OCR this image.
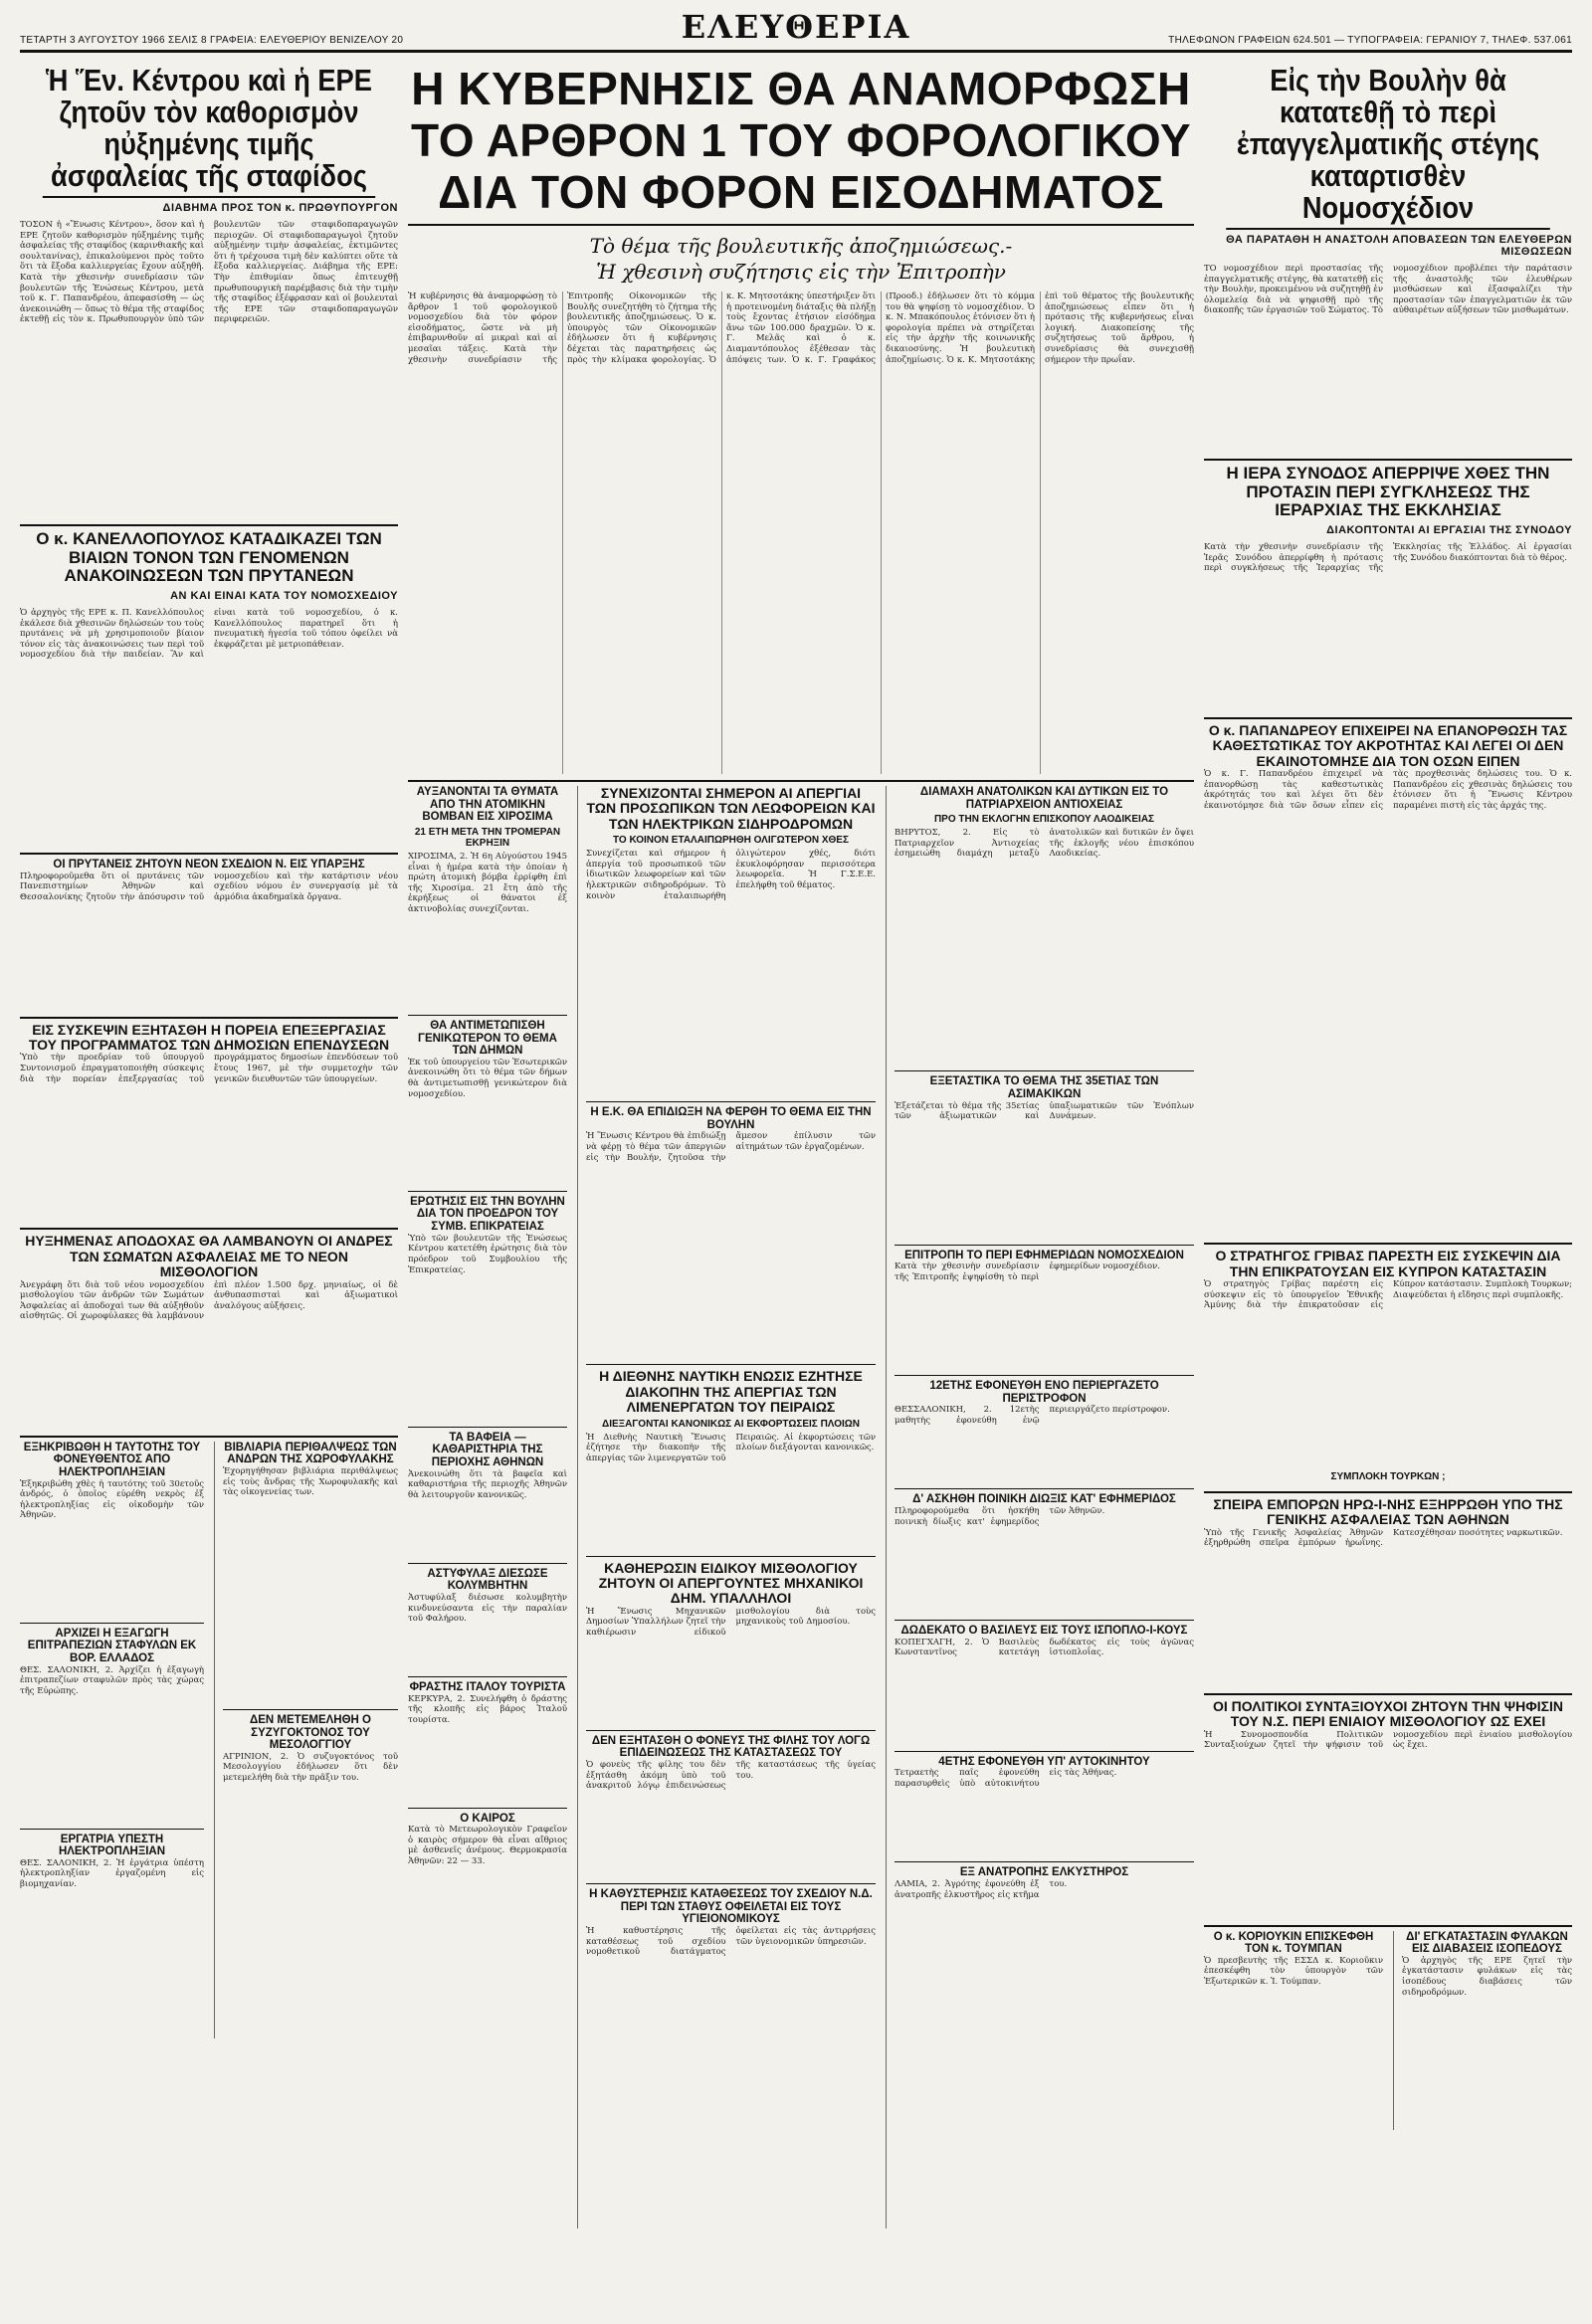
ΤΕΤΑΡΤΗ 3 ΑΥΓΟΥΣΤΟΥ 1966 ΣΕΛΙΣ 8 ΓΡΑΦΕΙΑ: ΕΛΕΥΘΕΡΙΟΥ ΒΕΝΙΖΕΛΟΥ 20	ΕΛΕΥΘΕΡΙΑ	ΤΗΛΕΦΩΝΟΝ ΓΡΑΦΕΙΩΝ 624.501 — ΤΥΠΟΓΡΑΦΕΙΑ: ΓΕΡΑΝΙΟΥ 7, ΤΗΛΕΦ. 537.061
Ἡ Ἕν. Κέντρου καὶ ἡ ΕΡΕ ζητοῦν τὸν καθορισμὸν ηὐξημένης τιμῆς ἀσφαλείας τῆς σταφίδος
ΔΙΑΒΗΜΑ ΠΡΟΣ ΤΟΝ κ. ΠΡΩΘΥΠΟΥΡΓΟΝ
ΤΟΣΟΝ ἡ «Ἕνωσις Κέντρου», ὅσον καὶ ἡ ΕΡΕ ζητοῦν καθορισμὸν ηὐξημένης τιμῆς ἀσφαλείας τῆς σταφίδος (καρινθιακῆς καὶ σουλτανίνας), ἐπικαλούμενοι πρὸς τοῦτο ὅτι τὰ ἔξοδα καλλιεργείας ἔχουν αὐξηθῆ. Κατὰ τὴν χθεσινὴν συνεδρίασιν τῶν βουλευτῶν τῆς Ἑνώσεως Κέντρου, μετὰ τοῦ κ. Γ. Παπανδρέου, ἀπεφασίσθη — ὡς ἀνεκοινώθη — ὅπως τὸ θέμα τῆς σταφίδος ἐκτεθῇ εἰς τὸν κ. Πρωθυπουργὸν ὑπὸ τῶν βουλευτῶν τῶν σταφιδοπαραγωγῶν περιοχῶν. Οἱ σταφιδοπαραγωγοὶ ζητοῦν αὐξημένην τιμὴν ἀσφαλείας, ἐκτιμῶντες ὅτι ἡ τρέχουσα τιμὴ δὲν καλύπτει οὔτε τὰ ἔξοδα καλλιεργείας. Διάβημα τῆς ΕΡΕ: Τὴν ἐπιθυμίαν ὅπως ἐπιτευχθῇ πρωθυπουργικὴ παρέμβασις διὰ τὴν τιμὴν τῆς σταφίδος ἐξέφρασαν καὶ οἱ βουλευταὶ τῆς ΕΡΕ τῶν σταφιδοπαραγωγῶν περιφερειῶν.
Ο κ. ΚΑΝΕΛΛΟΠΟΥΛΟΣ ΚΑΤΑΔΙΚΑΖΕΙ ΤΩΝ ΒΙΑΙΩΝ ΤΟΝΟΝ ΤΩΝ ΓΕΝΟΜΕΝΩΝ ΑΝΑΚΟΙΝΩΣΕΩΝ ΤΩΝ ΠΡΥΤΑΝΕΩΝ
ΑΝ ΚΑΙ ΕΙΝΑΙ ΚΑΤΑ ΤΟΥ ΝΟΜΟΣΧΕΔΙΟΥ
Ὁ ἀρχηγὸς τῆς ΕΡΕ κ. Π. Κανελλόπουλος ἐκάλεσε διὰ χθεσινῶν δηλώσεών του τοὺς πρυτάνεις νὰ μὴ χρησιμοποιοῦν βίαιον τόνον εἰς τὰς ἀνακοινώσεις των περὶ τοῦ νομοσχεδίου διὰ τὴν παιδείαν. Ἂν καὶ εἶναι κατὰ τοῦ νομοσχεδίου, ὁ κ. Κανελλόπουλος παρατηρεῖ ὅτι ἡ πνευματικὴ ἡγεσία τοῦ τόπου ὀφείλει νὰ ἐκφράζεται μὲ μετριοπάθειαν.
ΟΙ ΠΡΥΤΑΝΕΙΣ ΖΗΤΟΥΝ ΝΕΟΝ ΣΧΕΔΙΟΝ Ν. ΕΙΣ ΥΠΑΡΞΗΣ
Πληροφοροῦμεθα ὅτι οἱ πρυτάνεις τῶν Πανεπιστημίων Ἀθηνῶν καὶ Θεσσαλονίκης ζητοῦν τὴν ἀπόσυρσιν τοῦ νομοσχεδίου καὶ τὴν κατάρτισιν νέου σχεδίου νόμου ἐν συνεργασίᾳ μὲ τὰ ἀρμόδια ἀκαδημαϊκὰ ὄργανα.
ΕΙΣ ΣΥΣΚΕΨΙΝ ΕΞΗΤΑΣΘΗ Η ΠΟΡΕΙΑ ΕΠΕΞΕΡΓΑΣΙΑΣ ΤΟΥ ΠΡΟΓΡΑΜΜΑΤΟΣ ΤΩΝ ΔΗΜΟΣΙΩΝ ΕΠΕΝΔΥΣΕΩΝ
Ὑπὸ τὴν προεδρίαν τοῦ ὑπουργοῦ Συντονισμοῦ ἐπραγματοποιήθη σύσκεψις διὰ τὴν πορείαν ἐπεξεργασίας τοῦ προγράμματος δημοσίων ἐπενδύσεων τοῦ ἔτους 1967, μὲ τὴν συμμετοχὴν τῶν γενικῶν διευθυντῶν τῶν ὑπουργείων.
ΗΥΞΗΜΕΝΑΣ ΑΠΟΔΟΧΑΣ ΘΑ ΛΑΜΒΑΝΟΥΝ ΟΙ ΑΝΔΡΕΣ ΤΩΝ ΣΩΜΑΤΩΝ ΑΣΦΑΛΕΙΑΣ ΜΕ ΤΟ ΝΕΟΝ ΜΙΣΘΟΛΟΓΙΟΝ
Ἀνεγράφη ὅτι διὰ τοῦ νέου νομοσχεδίου μισθολογίου τῶν ἀνδρῶν τῶν Σωμάτων Ἀσφαλείας αἱ ἀποδοχαὶ των θὰ αὐξηθοῦν αἰσθητῶς. Οἱ χωροφύλακες θὰ λαμβάνουν ἐπὶ πλέον 1.500 δρχ. μηνιαίως, οἱ δὲ ἀνθυπασπισταὶ καὶ ἀξιωματικοὶ ἀναλόγους αὐξήσεις.
ΕΞΗΚΡΙΒΩΘΗ Η ΤΑΥΤΟΤΗΣ ΤΟΥ ΦΟΝΕΥΘΕΝΤΟΣ ΑΠΟ ΗΛΕΚΤΡΟΠΛΗΞΙΑΝ
Ἐξηκριβώθη χθὲς ἡ ταυτότης τοῦ 30ετοῦς ἀνδρός, ὁ ὁποῖος εὑρέθη νεκρὸς ἐξ ἠλεκτροπληξίας εἰς οἰκοδομὴν τῶν Ἀθηνῶν.
ΑΡΧΙΖΕΙ Η ΕΞΑΓΩΓΗ ΕΠΙΤΡΑΠΕΖΙΩΝ ΣΤΑΦΥΛΩΝ ΕΚ ΒΟΡ. ΕΛΛΑΔΟΣ
ΘΕΣ. ΣΑΛΟΝΙΚΗ, 2. Ἀρχίζει ἡ ἐξαγωγὴ ἐπιτραπεζίων σταφυλῶν πρὸς τὰς χώρας τῆς Εὐρώπης.
ΕΡΓΑΤΡΙΑ ΥΠΕΣΤΗ ΗΛΕΚΤΡΟΠΛΗΞΙΑΝ
ΘΕΣ. ΣΑΛΟΝΙΚΗ, 2. Ἡ ἐργάτρια ὑπέστη ἠλεκτροπληξίαν ἐργαζομένη εἰς βιομηχανίαν.
ΒΙΒΛΙΑΡΙΑ ΠΕΡΙΘΑΛΨΕΩΣ ΤΩΝ ΑΝΔΡΩΝ ΤΗΣ ΧΩΡΟΦΥΛΑΚΗΣ
Ἐχορηγήθησαν βιβλιάρια περιθάλψεως εἰς τοὺς ἄνδρας τῆς Χωροφυλακῆς καὶ τὰς οἰκογενείας των.
ΔΕΝ ΜΕΤΕΜΕΛΗΘΗ Ο ΣΥΖΥΓΟΚΤΟΝΟΣ ΤΟΥ ΜΕΣΟΛΟΓΓΙΟΥ
ΑΓΡΙΝΙΟΝ, 2. Ὁ συζυγοκτόνος τοῦ Μεσολογγίου ἐδήλωσεν ὅτι δὲν μετεμελήθη διὰ τὴν πρᾶξιν του.
Η ΚΥΒΕΡΝΗΣΙΣ ΘΑ ΑΝΑΜΟΡΦΩΣΗ ΤΟ ΑΡΘΡΟΝ 1 ΤΟΥ ΦΟΡΟΛΟΓΙΚΟΥ ΔΙΑ ΤΟΝ ΦΟΡΟΝ ΕΙΣΟΔΗΜΑΤΟΣ
Τὸ θέμα τῆς βουλευτικῆς ἀποζημιώσεως.-
Ἡ χθεσινὴ συζήτησις εἰς τὴν Ἐπιτροπὴν
Ἡ κυβέρνησις θὰ ἀναμορφώσῃ τὸ ἄρθρον 1 τοῦ φορολογικοῦ νομοσχεδίου διὰ τὸν φόρον εἰσοδήματος, ὥστε νὰ μὴ ἐπιβαρυνθοῦν αἱ μικραὶ καὶ αἱ μεσαῖαι τάξεις. Κατὰ τὴν χθεσινὴν συνεδρίασιν τῆς Ἐπιτροπῆς Οἰκονομικῶν τῆς Βουλῆς συνεζητήθη τὸ ζήτημα τῆς βουλευτικῆς ἀποζημιώσεως. Ὁ κ. ὑπουργὸς τῶν Οἰκονομικῶν ἐδήλωσεν ὅτι ἡ κυβέρνησις δέχεται τὰς παρατηρήσεις ὡς πρὸς τὴν κλίμακα φορολογίας. Ὁ κ. Κ. Μητσοτάκης ὑπεστήριξεν ὅτι ἡ προτεινομένη διάταξις θὰ πλήξῃ τοὺς ἔχοντας ἐτήσιον εἰσόδημα ἄνω τῶν 100.000 δραχμῶν. Ὁ κ. Γ. Μελᾶς καὶ ὁ κ. Διαμαντόπουλος ἐξέθεσαν τὰς ἀπόψεις των. Ὁ κ. Γ. Γραφάκος (Προοδ.) ἐδήλωσεν ὅτι τὸ κόμμα του θὰ ψηφίσῃ τὸ νομοσχέδιον. Ὁ κ. Ν. Μπακόπουλος ἐτόνισεν ὅτι ἡ φορολογία πρέπει νὰ στηρίζεται εἰς τὴν ἀρχὴν τῆς κοινωνικῆς δικαιοσύνης. Ἡ βουλευτικὴ ἀποζημίωσις. Ὁ κ. Κ. Μητσοτάκης ἐπὶ τοῦ θέματος τῆς βουλευτικῆς ἀποζημιώσεως εἶπεν ὅτι ἡ πρότασις τῆς κυβερνήσεως εἶναι λογική. Διακοπείσης τῆς συζητήσεως τοῦ ἄρθρου, ἡ συνεδρίασις θὰ συνεχισθῇ σήμερον τὴν πρωΐαν.
ΑΥΞΑΝΟΝΤΑΙ ΤΑ ΘΥΜΑΤΑ ΑΠΟ ΤΗΝ ΑΤΟΜΙΚΗΝ ΒΟΜΒΑΝ ΕΙΣ ΧΙΡΟΣΙΜΑ
21 ΕΤΗ ΜΕΤΑ ΤΗΝ ΤΡΟΜΕΡΑΝ ΕΚΡΗΞΙΝ
ΧΙΡΟΣΙΜΑ, 2. Ἡ 6η Αὐγούστου 1945 εἶναι ἡ ἡμέρα κατὰ τὴν ὁποίαν ἡ πρώτη ἀτομικὴ βόμβα ἐρρίφθη ἐπὶ τῆς Χιροσίμα. 21 ἔτη ἀπὸ τῆς ἐκρήξεως οἱ θάνατοι ἐξ ἀκτινοβολίας συνεχίζονται.
ΘΑ ΑΝΤΙΜΕΤΩΠΙΣΘΗ ΓΕΝΙΚΩΤΕΡΟΝ ΤΟ ΘΕΜΑ ΤΩΝ ΔΗΜΩΝ
Ἐκ τοῦ ὑπουργείου τῶν Ἐσωτερικῶν ἀνεκοινώθη ὅτι τὸ θέμα τῶν δήμων θὰ ἀντιμετωπισθῇ γενικώτερον διὰ νομοσχεδίου.
ΕΡΩΤΗΣΙΣ ΕΙΣ ΤΗΝ ΒΟΥΛΗΝ ΔΙΑ ΤΟΝ ΠΡΟΕΔΡΟΝ ΤΟΥ ΣΥΜΒ. ΕΠΙΚΡΑΤΕΙΑΣ
Ὑπὸ τῶν βουλευτῶν τῆς Ἑνώσεως Κέντρου κατετέθη ἐρώτησις διὰ τὸν πρόεδρον τοῦ Συμβουλίου τῆς Ἐπικρατείας.
ΤΑ ΒΑΦΕΙΑ — ΚΑΘΑΡΙΣΤΗΡΙΑ ΤΗΣ ΠΕΡΙΟΧΗΣ ΑΘΗΝΩΝ
Ἀνεκοινώθη ὅτι τὰ βαφεῖα καὶ καθαριστήρια τῆς περιοχῆς Ἀθηνῶν θὰ λειτουργοῦν κανονικῶς.
ΑΣΤΥΦΥΛΑΞ ΔΙΕΣΩΣΕ ΚΟΛΥΜΒΗΤΗΝ
Ἀστυφύλαξ διέσωσε κολυμβητὴν κινδυνεύσαντα εἰς τὴν παραλίαν τοῦ Φαλήρου.
ΦΡΑΣΤΗΣ ΙΤΑΛΟΥ ΤΟΥΡΙΣΤΑ
ΚΕΡΚΥΡΑ, 2. Συνελήφθη ὁ δράστης τῆς κλοπῆς εἰς βάρος Ἰταλοῦ τουρίστα.
Ο ΚΑΙΡΟΣ
Κατὰ τὸ Μετεωρολογικὸν Γραφεῖον ὁ καιρὸς σήμερον θὰ εἶναι αἴθριος μὲ ἀσθενεῖς ἀνέμους. Θερμοκρασία Ἀθηνῶν: 22 — 33.
ΣΥΝΕΧΙΖΟΝΤΑΙ ΣΗΜΕΡΟΝ ΑΙ ΑΠΕΡΓΙΑΙ ΤΩΝ ΠΡΟΣΩΠΙΚΩΝ ΤΩΝ ΛΕΩΦΟΡΕΙΩΝ ΚΑΙ ΤΩΝ ΗΛΕΚΤΡΙΚΩΝ ΣΙΔΗΡΟΔΡΟΜΩΝ
ΤΟ ΚΟΙΝΟΝ ΕΤΑΛΑΙΠΩΡΗΘΗ ΟΛΙΓΩΤΕΡΟΝ ΧΘΕΣ
Συνεχίζεται καὶ σήμερον ἡ ἀπεργία τοῦ προσωπικοῦ τῶν ἰδιωτικῶν λεωφορείων καὶ τῶν ἠλεκτρικῶν σιδηροδρόμων. Τὸ κοινὸν ἐταλαιπωρήθη ὀλιγώτερον χθές, διότι ἐκυκλοφόρησαν περισσότερα λεωφορεῖα. Ἡ Γ.Σ.Ε.Ε. ἐπελήφθη τοῦ θέματος.
Η Ε.Κ. ΘΑ ΕΠΙΔΙΩΞΗ ΝΑ ΦΕΡΘΗ ΤΟ ΘΕΜΑ ΕΙΣ ΤΗΝ ΒΟΥΛΗΝ
Ἡ Ἕνωσις Κέντρου θὰ ἐπιδιώξῃ νὰ φέρῃ τὸ θέμα τῶν ἀπεργιῶν εἰς τὴν Βουλήν, ζητοῦσα τὴν ἄμεσον ἐπίλυσιν τῶν αἰτημάτων τῶν ἐργαζομένων.
Η ΔΙΕΘΝΗΣ ΝΑΥΤΙΚΗ ΕΝΩΣΙΣ ΕΖΗΤΗΣΕ ΔΙΑΚΟΠΗΝ ΤΗΣ ΑΠΕΡΓΙΑΣ ΤΩΝ ΛΙΜΕΝΕΡΓΑΤΩΝ ΤΟΥ ΠΕΙΡΑΙΩΣ
ΔΙΕΞΑΓΟΝΤΑΙ ΚΑΝΟΝΙΚΩΣ ΑΙ ΕΚΦΟΡΤΩΣΕΙΣ ΠΛΟΙΩΝ
Ἡ Διεθνὴς Ναυτικὴ Ἕνωσις ἐζήτησε τὴν διακοπὴν τῆς ἀπεργίας τῶν λιμενεργατῶν τοῦ Πειραιῶς. Αἱ ἐκφορτώσεις τῶν πλοίων διεξάγονται κανονικῶς.
ΚΑΘΗΕΡΩΣΙΝ ΕΙΔΙΚΟΥ ΜΙΣΘΟΛΟΓΙΟΥ ΖΗΤΟΥΝ ΟΙ ΑΠΕΡΓΟΥΝΤΕΣ ΜΗΧΑΝΙΚΟΙ ΔΗΜ. ΥΠΑΛΛΗΛΟΙ
Ἡ Ἕνωσις Μηχανικῶν Δημοσίων Ὑπαλλήλων ζητεῖ τὴν καθιέρωσιν εἰδικοῦ μισθολογίου διὰ τοὺς μηχανικοὺς τοῦ Δημοσίου.
ΔΕΝ ΕΞΗΤΑΣΘΗ Ο ΦΟΝΕΥΣ ΤΗΣ ΦΙΛΗΣ ΤΟΥ ΛΟΓΩ ΕΠΙΔΕΙΝΩΣΕΩΣ ΤΗΣ ΚΑΤΑΣΤΑΣΕΩΣ ΤΟΥ
Ὁ φονεὺς τῆς φίλης του δὲν ἐξητάσθη ἀκόμη ὑπὸ τοῦ ἀνακριτοῦ λόγῳ ἐπιδεινώσεως τῆς καταστάσεως τῆς ὑγείας του.
Η ΚΑΘΥΣΤΕΡΗΣΙΣ ΚΑΤΑΘΕΣΕΩΣ ΤΟΥ ΣΧΕΔΙΟΥ Ν.Δ. ΠΕΡΙ ΤΩΝ ΣΤΑΘΥΣ ΟΦΕΙΛΕΤΑΙ ΕΙΣ ΤΟΥΣ ΥΓΙΕΙΟΝΟΜΙΚΟΥΣ
Ἡ καθυστέρησις τῆς καταθέσεως τοῦ σχεδίου νομοθετικοῦ διατάγματος ὀφείλεται εἰς τὰς ἀντιρρήσεις τῶν ὑγειονομικῶν ὑπηρεσιῶν.
ΔΙΑΜΑΧΗ ΑΝΑΤΟΛΙΚΩΝ ΚΑΙ ΔΥΤΙΚΩΝ ΕΙΣ ΤΟ ΠΑΤΡΙΑΡΧΕΙΟΝ ΑΝΤΙΟΧΕΙΑΣ
ΠΡΟ ΤΗΝ ΕΚΛΟΓΗΝ ΕΠΙΣΚΟΠΟΥ ΛΑΟΔΙΚΕΙΑΣ
ΒΗΡΥΤΟΣ, 2. Εἰς τὸ Πατριαρχεῖον Ἀντιοχείας ἐσημειώθη διαμάχη μεταξὺ ἀνατολικῶν καὶ δυτικῶν ἐν ὄψει τῆς ἐκλογῆς νέου ἐπισκόπου Λαοδικείας.
ΕΞΕΤΑΣΤΙΚΑ ΤΟ ΘΕΜΑ ΤΗΣ 35ΕΤΙΑΣ ΤΩΝ ΑΣΙΜΑΚΙΚΩΝ
Ἐξετάζεται τὸ θέμα τῆς 35ετίας τῶν ἀξιωματικῶν καὶ ὑπαξιωματικῶν τῶν Ἐνόπλων Δυνάμεων.
ΕΠΙΤΡΟΠΗ ΤΟ ΠΕΡΙ ΕΦΗΜΕΡΙΔΩΝ ΝΟΜΟΣΧΕΔΙΟΝ
Κατὰ τὴν χθεσινὴν συνεδρίασιν τῆς Ἐπιτροπῆς ἐψηφίσθη τὸ περὶ ἐφημερίδων νομοσχέδιον.
12ΕΤΗΣ ΕΦΟΝΕΥΘΗ ΕΝΟ ΠΕΡΙΕΡΓΑΖΕΤΟ ΠΕΡΙΣΤΡΟΦΟΝ
ΘΕΣΣΑΛΟΝΙΚΗ, 2. 12ετὴς μαθητὴς ἐφονεύθη ἐνῷ περιειργάζετο περίστροφον.
Δ' ΑΣΚΗΘΗ ΠΟΙΝΙΚΗ ΔΙΩΞΙΣ ΚΑΤ' ΕΦΗΜΕΡΙΔΟΣ
Πληροφορούμεθα ὅτι ἠσκήθη ποινικὴ δίωξις κατ' ἐφημερίδος τῶν Ἀθηνῶν.
ΔΩΔΕΚΑΤΟ Ο ΒΑΣΙΛΕΥΣ ΕΙΣ ΤΟΥΣ ΙΣΠΟΠΛΟ-Ι-ΚΟΥΣ
ΚΟΠΕΓΧΑΓΗ, 2. Ὁ Βασιλεὺς Κωνσταντῖνος κατετάγη δωδέκατος εἰς τοὺς ἀγῶνας ἱστιοπλοΐας.
4ΕΤΗΣ ΕΦΟΝΕΥΘΗ ΥΠ' ΑΥΤΟΚΙΝΗΤΟΥ
Τετραετὴς παῖς ἐφονεύθη παρασυρθεὶς ὑπὸ αὐτοκινήτου εἰς τὰς Ἀθήνας.
ΕΞ ΑΝΑΤΡΟΠΗΣ ΕΛΚΥΣΤΗΡΟΣ
ΛΑΜΙΑ, 2. Ἀγρότης ἐφονεύθη ἐξ ἀνατροπῆς ἐλκυστῆρος εἰς κτῆμα του.
Εἰς τὴν Βουλὴν θὰ κατατεθῇ τὸ περὶ ἐπαγγελματικῆς στέγης καταρτισθὲν Νομοσχέδιον
ΘΑ ΠΑΡΑΤΑΘΗ Η ΑΝΑΣΤΟΛΗ ΑΠΟΒΑΣΕΩΝ ΤΩΝ ΕΛΕΥΘΕΡΩΝ ΜΙΣΘΩΣΕΩΝ
ΤΟ νομοσχέδιον περὶ προστασίας τῆς ἐπαγγελματικῆς στέγης, θὰ κατατεθῇ εἰς τὴν Βουλὴν, προκειμένου νὰ συζητηθῇ ἐν ὁλομελείᾳ διὰ νὰ ψηφισθῇ πρὸ τῆς διακοπῆς τῶν ἐργασιῶν τοῦ Σώματος. Τὸ νομοσχέδιον προβλέπει τὴν παράτασιν τῆς ἀναστολῆς τῶν ἐλευθέρων μισθώσεων καὶ ἐξασφαλίζει τὴν προστασίαν τῶν ἐπαγγελματιῶν ἐκ τῶν αὐθαιρέτων αὐξήσεων τῶν μισθωμάτων.
Η ΙΕΡΑ ΣΥΝΟΔΟΣ ΑΠΕΡΡΙΨΕ ΧΘΕΣ ΤΗΝ ΠΡΟΤΑΣΙΝ ΠΕΡΙ ΣΥΓΚΛΗΣΕΩΣ ΤΗΣ ΙΕΡΑΡΧΙΑΣ ΤΗΣ ΕΚΚΛΗΣΙΑΣ
ΔΙΑΚΟΠΤΟΝΤΑΙ ΑΙ ΕΡΓΑΣΙΑΙ ΤΗΣ ΣΥΝΟΔΟΥ
Κατὰ τὴν χθεσινὴν συνεδρίασιν τῆς Ἱερᾶς Συνόδου ἀπερρίφθη ἡ πρότασις περὶ συγκλήσεως τῆς Ἱεραρχίας τῆς Ἐκκλησίας τῆς Ἑλλάδος. Αἱ ἐργασίαι τῆς Συνόδου διακόπτονται διὰ τὸ θέρος.
Ο κ. ΠΑΠΑΝΔΡΕΟΥ ΕΠΙΧΕΙΡΕΙ ΝΑ ΕΠΑΝΟΡΘΩΣΗ ΤΑΣ ΚΑΘΕΣΤΩΤΙΚΑΣ ΤΟΥ ΑΚΡΟΤΗΤΑΣ ΚΑΙ ΛΕΓΕΙ ΟΙ ΔΕΝ ΕΚΑΙΝΟΤΟΜΗΣΕ ΔΙΑ ΤΟΝ ΟΣΩΝ ΕΙΠΕΝ
Ὁ κ. Γ. Παπανδρέου ἐπιχειρεῖ νὰ ἐπανορθώσῃ τὰς καθεστωτικὰς ἀκρότητάς του καὶ λέγει ὅτι δὲν ἐκαινοτόμησε διὰ τῶν ὅσων εἶπεν εἰς τὰς προχθεσινὰς δηλώσεις του. Ὁ κ. Παπανδρέου εἰς χθεσινὰς δηλώσεις του ἐτόνισεν ὅτι ἡ Ἕνωσις Κέντρου παραμένει πιστὴ εἰς τὰς ἀρχάς της.
Ο ΣΤΡΑΤΗΓΟΣ ΓΡΙΒΑΣ ΠΑΡΕΣΤΗ ΕΙΣ ΣΥΣΚΕΨΙΝ ΔΙΑ ΤΗΝ ΕΠΙΚΡΑΤΟΥΣΑΝ ΕΙΣ ΚΥΠΡΟΝ ΚΑΤΑΣΤΑΣΙΝ
Ὁ στρατηγὸς Γρίβας παρέστη εἰς σύσκεψιν εἰς τὸ ὑπουργεῖον Ἐθνικῆς Ἀμύνης διὰ τὴν ἐπικρατοῦσαν εἰς Κύπρον κατάστασιν. Συμπλοκὴ Τουρκων; Διαψεύδεται ἡ εἴδησις περὶ συμπλοκῆς.
ΣΥΜΠΛΟΚΗ ΤΟΥΡΚΩΝ ;
ΣΠΕΙΡΑ ΕΜΠΟΡΩΝ ΗΡΩ-Ι-ΝΗΣ ΕΞΗΡΡΩΘΗ ΥΠΟ ΤΗΣ ΓΕΝΙΚΗΣ ΑΣΦΑΛΕΙΑΣ ΤΩΝ ΑΘΗΝΩΝ
Ὑπὸ τῆς Γενικῆς Ἀσφαλείας Ἀθηνῶν ἐξηρθρώθη σπεῖρα ἐμπόρων ἡρωΐνης. Κατεσχέθησαν ποσότητες ναρκωτικῶν.
ΟΙ ΠΟΛΙΤΙΚΟΙ ΣΥΝΤΑΞΙΟΥΧΟΙ ΖΗΤΟΥΝ ΤΗΝ ΨΗΦΙΣΙΝ ΤΟΥ Ν.Σ. ΠΕΡΙ ΕΝΙΑΙΟΥ ΜΙΣΘΟΛΟΓΙΟΥ ΩΣ ΕΧΕΙ
Ἡ Συνομοσπονδία Πολιτικῶν Συνταξιούχων ζητεῖ τὴν ψήφισιν τοῦ νομοσχεδίου περὶ ἑνιαίου μισθολογίου ὡς ἔχει.
Ο κ. ΚΟΡΙΟΥΚΙΝ ΕΠΙΣΚΕΦΘΗ ΤΟΝ κ. ΤΟΥΜΠΑΝ
Ὁ πρεσβευτὴς τῆς ΕΣΣΔ κ. Κοριοῦκιν ἐπεσκέφθη τὸν ὑπουργὸν τῶν Ἐξωτερικῶν κ. Ἰ. Τούμπαν.
ΔΙ' ΕΓΚΑΤΑΣΤΑΣΙΝ ΦΥΛΑΚΩΝ ΕΙΣ ΔΙΑΒΑΣΕΙΣ ΙΣΟΠΕΔΟΥΣ
Ὁ ἀρχηγὸς τῆς ΕΡΕ ζητεῖ τὴν ἐγκατάστασιν φυλάκων εἰς τὰς ἰσοπέδους διαβάσεις τῶν σιδηροδρόμων.
